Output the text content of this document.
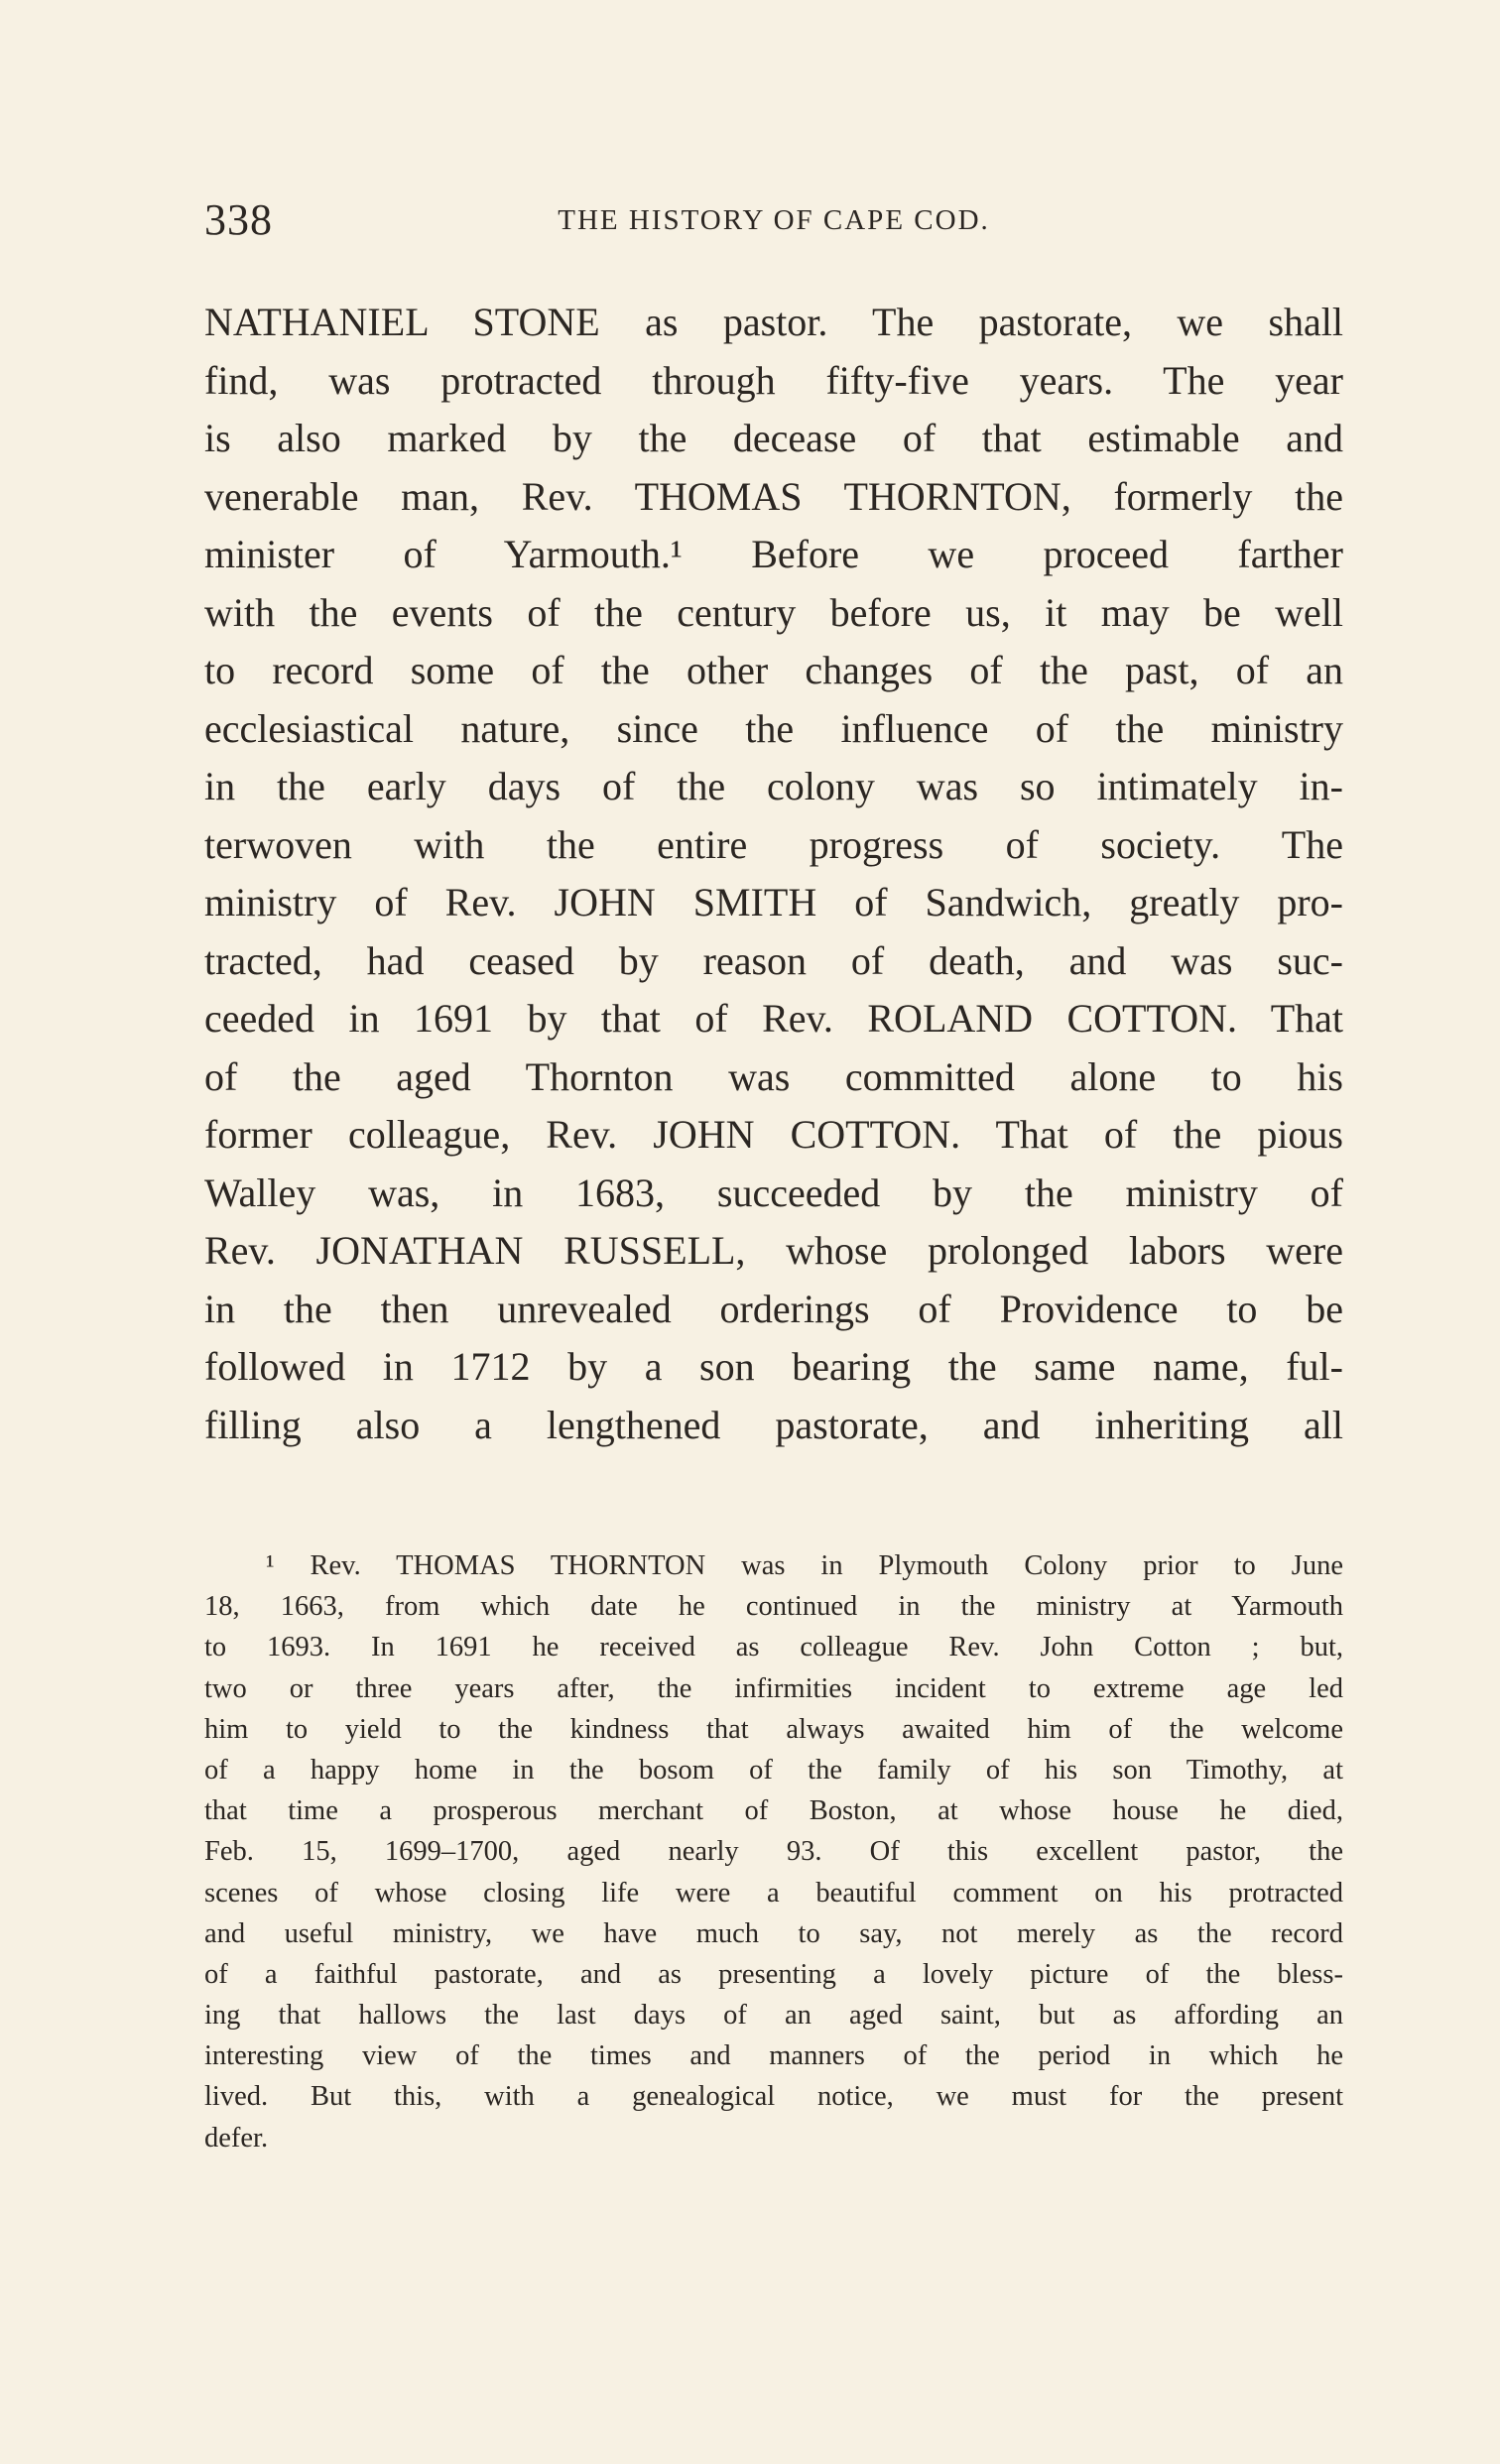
338	THE HISTORY OF CAPE COD.
NATHANIEL STONE as pastor. The pastorate, we shall
find, was protracted through fifty-five years. The year
is also marked by the decease of that estimable and
venerable man, Rev. THOMAS THORNTON, formerly the
minister of Yarmouth.¹ Before we proceed farther
with the events of the century before us, it may be well
to record some of the other changes of the past, of an
ecclesiastical nature, since the influence of the ministry
in the early days of the colony was so intimately in-
terwoven with the entire progress of society. The
ministry of Rev. JOHN SMITH of Sandwich, greatly pro-
tracted, had ceased by reason of death, and was suc-
ceeded in 1691 by that of Rev. ROLAND COTTON. That
of the aged Thornton was committed alone to his
former colleague, Rev. JOHN COTTON. That of the pious
Walley was, in 1683, succeeded by the ministry of
Rev. JONATHAN RUSSELL, whose prolonged labors were
in the then unrevealed orderings of Providence to be
followed in 1712 by a son bearing the same name, ful-
filling also a lengthened pastorate, and inheriting all
¹ Rev. THOMAS THORNTON was in Plymouth Colony prior to June
18, 1663, from which date he continued in the ministry at Yarmouth
to 1693. In 1691 he received as colleague Rev. John Cotton ; but,
two or three years after, the infirmities incident to extreme age led
him to yield to the kindness that always awaited him of the welcome
of a happy home in the bosom of the family of his son Timothy, at
that time a prosperous merchant of Boston, at whose house he died,
Feb. 15, 1699–1700, aged nearly 93. Of this excellent pastor, the
scenes of whose closing life were a beautiful comment on his protracted
and useful ministry, we have much to say, not merely as the record
of a faithful pastorate, and as presenting a lovely picture of the bless-
ing that hallows the last days of an aged saint, but as affording an
interesting view of the times and manners of the period in which he
lived. But this, with a genealogical notice, we must for the present
defer.
